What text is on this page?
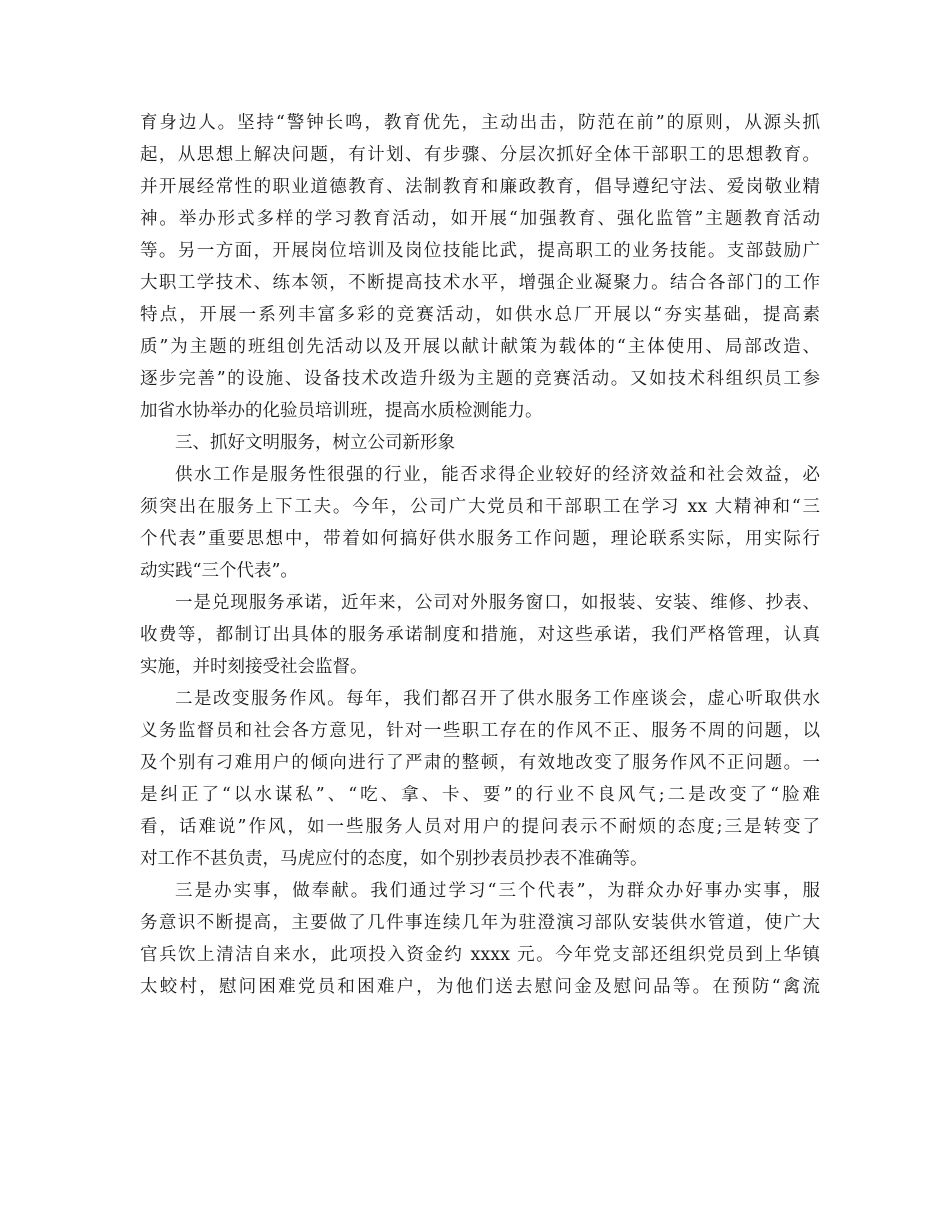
育身边人。坚持“警钟长鸣，教育优先，主动出击，防范在前”的原则，从源头抓
起，从思想上解决问题，有计划、有步骤、分层次抓好全体干部职工的思想教育。
并开展经常性的职业道德教育、法制教育和廉政教育，倡导遵纪守法、爱岗敬业精
神。举办形式多样的学习教育活动，如开展“加强教育、强化监管”主题教育活动
等。另一方面，开展岗位培训及岗位技能比武，提高职工的业务技能。支部鼓励广
大职工学技术、练本领，不断提高技术水平，增强企业凝聚力。结合各部门的工作
特点，开展一系列丰富多彩的竞赛活动，如供水总厂开展以“夯实基础，提高素
质”为主题的班组创先活动以及开展以献计献策为载体的“主体使用、局部改造、
逐步完善”的设施、设备技术改造升级为主题的竞赛活动。又如技术科组织员工参
加省水协举办的化验员培训班，提高水质检测能力。
三、抓好文明服务，树立公司新形象
供水工作是服务性很强的行业，能否求得企业较好的经济效益和社会效益，必
须突出在服务上下工夫。今年，公司广大党员和干部职工在学习 xx 大精神和“三
个代表”重要思想中，带着如何搞好供水服务工作问题，理论联系实际，用实际行
动实践“三个代表”。
一是兑现服务承诺，近年来，公司对外服务窗口，如报装、安装、维修、抄表、
收费等，都制订出具体的服务承诺制度和措施，对这些承诺，我们严格管理，认真
实施，并时刻接受社会监督。
二是改变服务作风。每年，我们都召开了供水服务工作座谈会，虚心听取供水
义务监督员和社会各方意见，针对一些职工存在的作风不正、服务不周的问题，以
及个别有刁难用户的倾向进行了严肃的整顿，有效地改变了服务作风不正问题。一
是纠正了“以水谋私”、“吃、拿、卡、要”的行业不良风气;二是改变了“脸难
看，话难说”作风，如一些服务人员对用户的提问表示不耐烦的态度;三是转变了
对工作不甚负责，马虎应付的态度，如个别抄表员抄表不准确等。
三是办实事，做奉献。我们通过学习“三个代表”，为群众办好事办实事，服
务意识不断提高，主要做了几件事连续几年为驻澄演习部队安装供水管道，使广大
官兵饮上清洁自来水，此项投入资金约 xxxx 元。今年党支部还组织党员到上华镇
太蛟村，慰问困难党员和困难户，为他们送去慰问金及慰问品等。在预防“禽流
